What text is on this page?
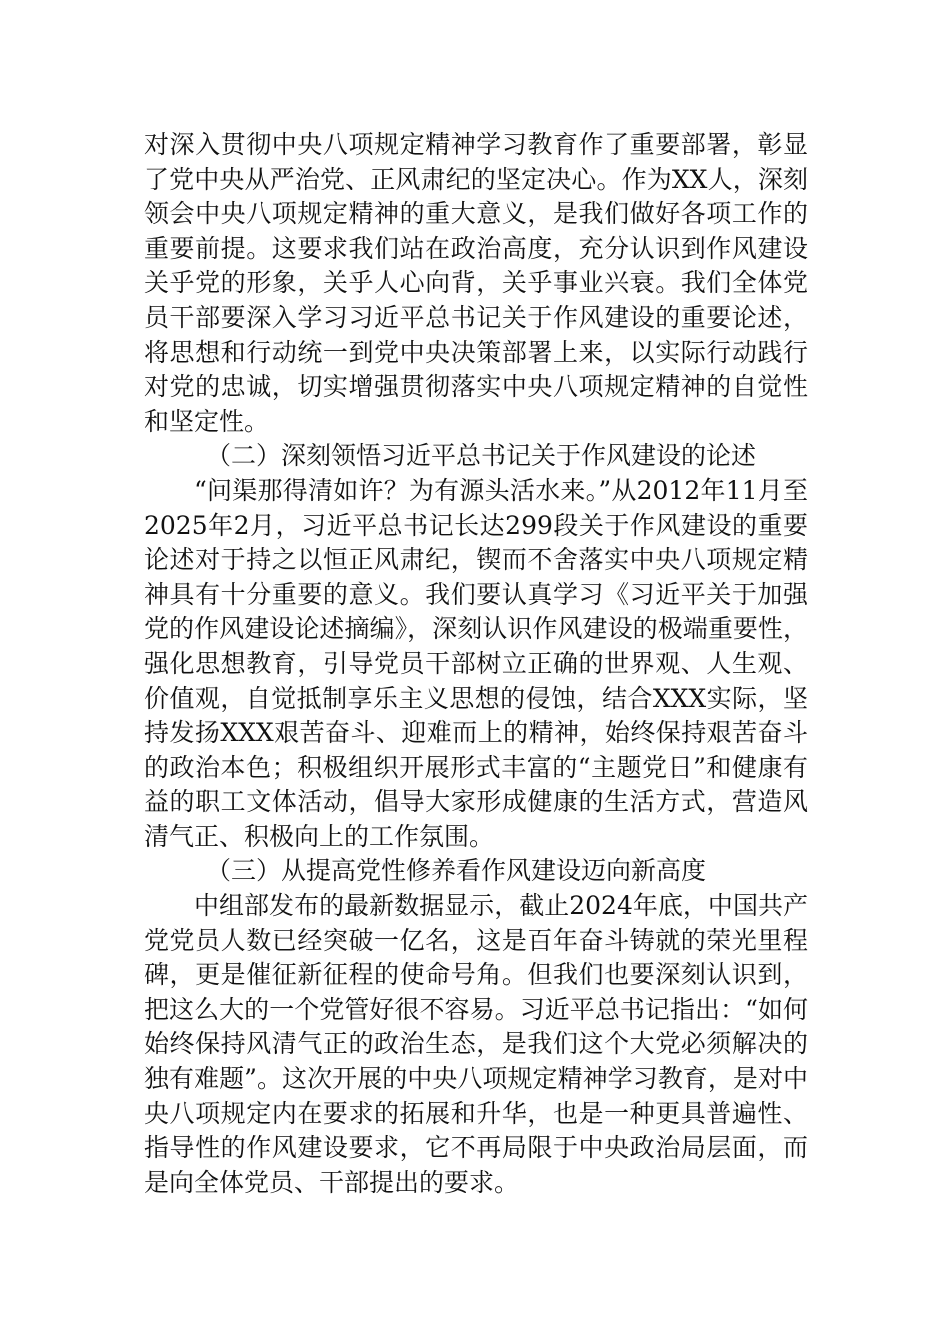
对深入贯彻中央八项规定精神学习教育作了重要部署，彰显了党中央从严治党、正风肃纪的坚定决心。作为XX人，深刻领会中央八项规定精神的重大意义，是我们做好各项工作的重要前提。这要求我们站在政治高度，充分认识到作风建设关乎党的形象，关乎人心向背，关乎事业兴衰。我们全体党员干部要深入学习习近平总书记关于作风建设的重要论述，将思想和行动统一到党中央决策部署上来，以实际行动践行对党的忠诚，切实增强贯彻落实中央八项规定精神的自觉性和坚定性。

（二）深刻领悟习近平总书记关于作风建设的论述

“问渠那得清如许？为有源头活水来。”从2012年11月至2025年2月，习近平总书记长达299段关于作风建设的重要论述对于持之以恒正风肃纪，锲而不舍落实中央八项规定精神具有十分重要的意义。我们要认真学习《习近平关于加强党的作风建设论述摘编》，深刻认识作风建设的极端重要性，强化思想教育，引导党员干部树立正确的世界观、人生观、价值观，自觉抵制享乐主义思想的侵蚀，结合XXX实际，坚持发扬XXX艰苦奋斗、迎难而上的精神，始终保持艰苦奋斗的政治本色；积极组织开展形式丰富的“主题党日”和健康有益的职工文体活动，倡导大家形成健康的生活方式，营造风清气正、积极向上的工作氛围。

（三）从提高党性修养看作风建设迈向新高度

中组部发布的最新数据显示，截止2024年底，中国共产党党员人数已经突破一亿名，这是百年奋斗铸就的荣光里程碑，更是催征新征程的使命号角。但我们也要深刻认识到，把这么大的一个党管好很不容易。习近平总书记指出：“如何始终保持风清气正的政治生态，是我们这个大党必须解决的独有难题”。这次开展的中央八项规定精神学习教育，是对中央八项规定内在要求的拓展和升华，也是一种更具普遍性、指导性的作风建设要求，它不再局限于中央政治局层面，而是向全体党员、干部提出的要求。
